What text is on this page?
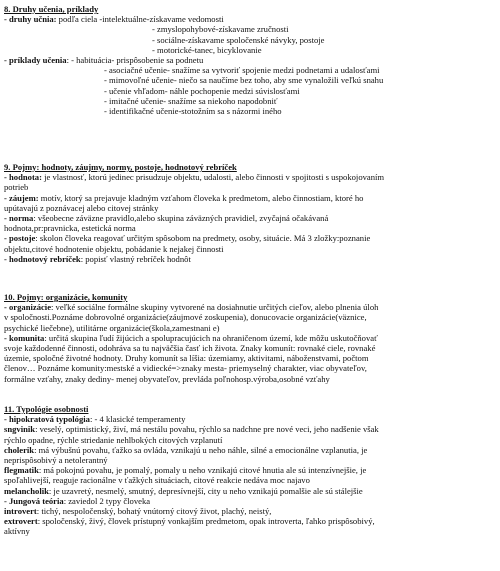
8. Druhy učenia, príklady
- druhy učnia: podľa ciela -intelektuálne-získavame vedomosti
- zmyslopohybové-získavame zručnosti
- sociálne-získavame spoločenské návyky, postoje
- motorické-tanec, bicyklovanie
- príklady učenia: - habituácia- prispôsobenie sa podnetu
- asociačné učenie- snažíme sa vytvoriť spojenie medzi podnetami a udalosťami
- mimovoľné učenie- niečo sa naučíme bez toho, aby sme vynaložili veľkú snahu
- učenie vhľadom- náhle pochopenie medzi súvislosťami
- imitačné učenie- snažíme sa niekoho napodobniť
- identifikačné učenie-stotožním sa s názormi iného
9. Pojmy: hodnoty, záujmy, normy, postoje, hodnotový rebríček
- hodnota: je vlastnosť, ktorú jedinec prisudzuje objektu, udalosti, alebo činnosti v spojitosti s uspokojovaním
potrieb
- záujem: motív, ktorý sa prejavuje kladným vzťahom človeka k predmetom, alebo činnostiam, ktoré ho
upútavajú z poznávacej alebo citovej stránky
- norma: všeobecne záväzne pravidlo,alebo skupina záväzných pravidiel, zvyčajná očakávaná
hodnota,pr:pravnicka, estetická norma
- postoje: skolon človeka reagovať určitým spôsobom na predmety, osoby, situácie. Má 3 zložky:poznanie
objektu,citové hodnotenie objektu, pobádanie k nejakej činnosti
- hodnotový rebríček: popisť vlastný rebríček hodnôt
10. Pojmy: organizácie, komunity
- organizácie: veľké sociálne formálne skupiny vytvorené na dosiahnutie určitých cieľov, alebo plnenia úloh
v spoločnosti.Poznáme dobrovolné organizácie(záujmové zoskupenia), donucovacie organizácie(väznice,
psychické liečebne), utilitárne organizácie(škola,zamestnani e)
- komunita: určitá skupina ľudí žijúcich a spolupracujúcich na ohraničenom území, kde môžu uskutočňovať
svoje každodenné činnosti, odohráva sa tu najväčšia časť ich života. Znaky komunít: rovnaké ciele, rovnaké
územie, spoločné životné hodnoty. Druhy komunít sa líšia: územiamy, aktivitami, náboženstvami, počtom
členov… Poznáme komunity:mestské a vidiecké=>znaky mesta- priemyselný charakter, viac obyvateľov,
formálne vzťahy, znaky dediny- menej obyvateľov, prevláda poľnohosp.výroba,osobné vzťahy
11. Typológie osobnosti
- hipokratová typológia: - 4 klasické temperamenty
sngvinik: veselý, optimistický, živí, má nestálu povahu, rýchlo sa nadchne pre nové veci, jeho nadšenie však
rýchlo opadne, rýchle striedanie nehlbokých citových vzplanutí
cholerik: má výbušnú povahu, ťažko sa ovláda, vznikajú u neho náhle, silné a emocionálne vzplanutia, je
neprispôsobivý a netolerantný
flegmatik: má pokojnú povahu, je pomalý, pomaly u neho vznikajú citové hnutia ale sú intenzívnejšie, je
spoľahlivejší, reaguje racionálne v ťažkých situáciach, citové reakcie nedáva moc najavo
melancholik: je uzavretý, nesmelý, smutný, depresívnejší, city u neho vznikajú pomalšie ale sú stálejšie
- Jungová teória: zaviedol 2 typy človeka
introvert: tichý, nespoločenský, bohatý vnútorný citový život, plachý, neistý,
extrovert: spoločenský, živý, človek prístupný vonkajším predmetom, opak introverta, ľahko prispôsobivý,
aktívny
